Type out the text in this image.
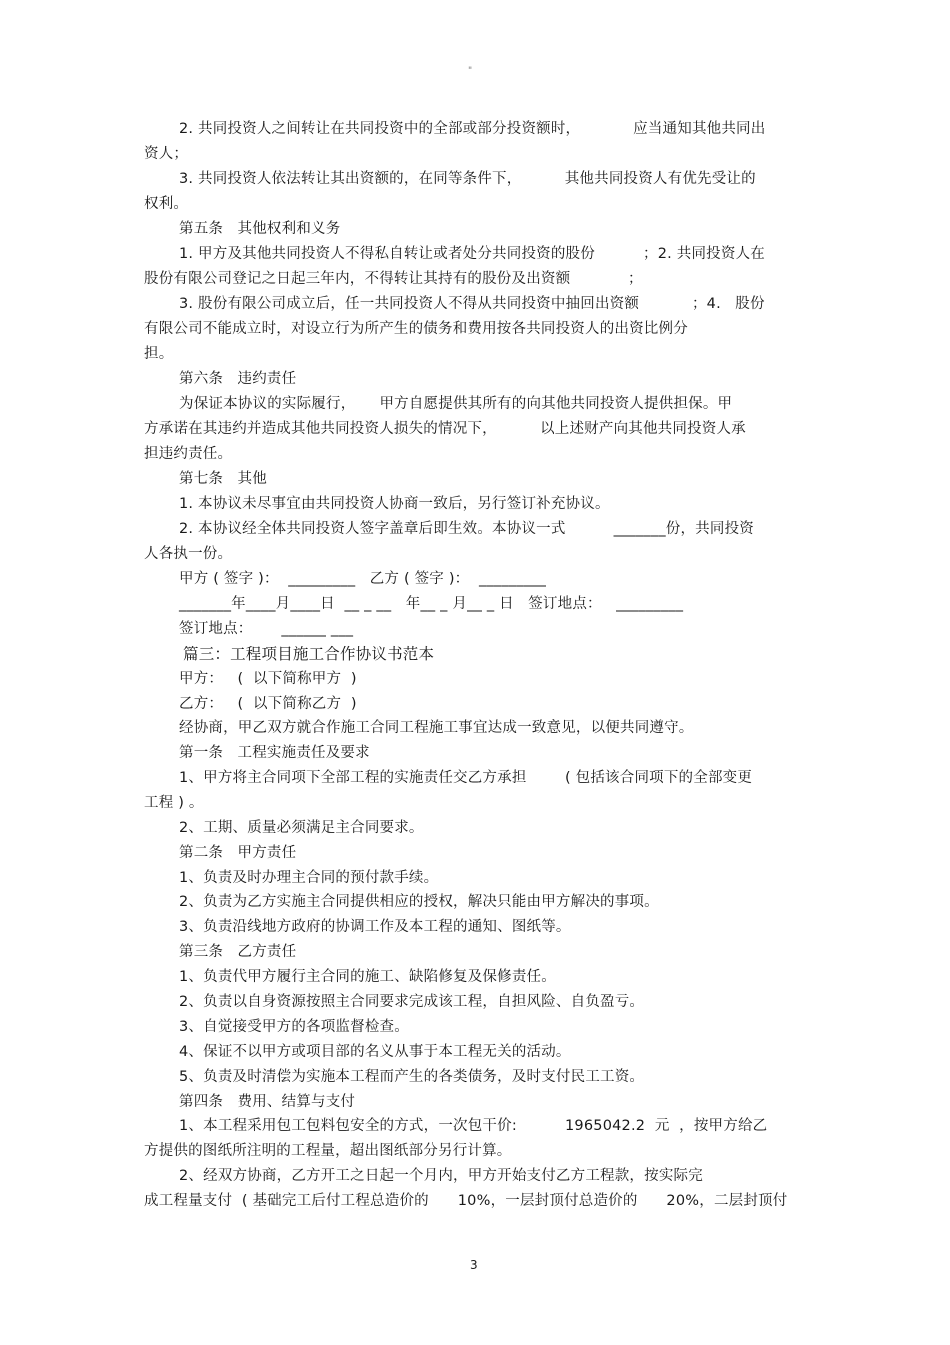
"
2. 共同投资人之间转让在共同投资中的全部或部分投资额时，           应当通知其他共同出
资人；
3. 共同投资人依法转让其出资额的，在同等条件下，         其他共同投资人有优先受让的
权利。
第五条   其他权利和义务
1. 甲方及其他共同投资人不得私自转让或者处分共同投资的股份          ；2. 共同投资人在
股份有限公司登记之日起三年内，不得转让其持有的股份及出资额            ；
3. 股份有限公司成立后，任一共同投资人不得从共同投资中抽回出资额           ；4.   股份
有限公司不能成立时，对设立行为所产生的债务和费用按各共同投资人的出资比例分
担。
第六条   违约责任
为保证本协议的实际履行，     甲方自愿提供其所有的向其他共同投资人提供担保。甲
方承诺在其违约并造成其他共同投资人损失的情况下，         以上述财产向其他共同投资人承
担违约责任。
第七条   其他
1. 本协议未尽事宜由共同投资人协商一致后，另行签订补充协议。
2. 本协议经全体共同投资人签字盖章后即生效。本协议一式          _______份，共同投资
人各执一份。
甲方 ( 签字 )：  _________   乙方 ( 签字 )：  _________
_______年____月____日  __ _ __   年__ _ 月__ _ 日   签订地点：   _________
签订地点：      ______ ___
篇三：工程项目施工合作协议书范本
甲方：   (  以下简称甲方  )
乙方：   (  以下简称乙方  )
经协商，甲乙双方就合作施工合同工程施工事宜达成一致意见，以便共同遵守。
第一条   工程实施责任及要求
1、甲方将主合同项下全部工程的实施责任交乙方承担        ( 包括该合同项下的全部变更
工程 ) 。
2、工期、质量必须满足主合同要求。
第二条   甲方责任
1、负责及时办理主合同的预付款手续。
2、负责为乙方实施主合同提供相应的授权，解决只能由甲方解决的事项。
3、负责沿线地方政府的协调工作及本工程的通知、图纸等。
第三条   乙方责任
1、负责代甲方履行主合同的施工、缺陷修复及保修责任。
2、负责以自身资源按照主合同要求完成该工程，自担风险、自负盈亏。
3、自觉接受甲方的各项监督检查。
4、保证不以甲方或项目部的名义从事于本工程无关的活动。
5、负责及时清偿为实施本工程而产生的各类债务，及时支付民工工资。
第四条   费用、结算与支付
1、本工程采用包工包料包安全的方式，一次包干价:          1965042.2  元  ，按甲方给乙
方提供的图纸所注明的工程量，超出图纸部分另行计算。
2、经双方协商，乙方开工之日起一个月内，甲方开始支付乙方工程款，按实际完
成工程量支付  ( 基础完工后付工程总造价的      10%，一层封顶付总造价的      20%，二层封顶付
3
